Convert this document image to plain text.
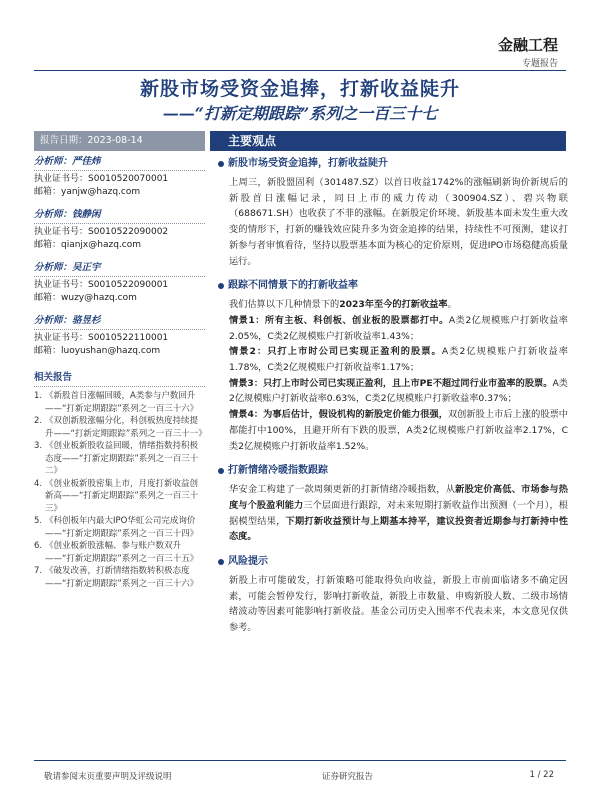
金融工程
专题报告
新股市场受资金追捧，打新收益陡升
——“打新定期跟踪”系列之一百三十七
报告日期：2023-08-14	主要观点
分析师：严佳炜
执业证书号：S0010520070001
邮箱：yanjw@hazq.com
分析师：钱静闲
执业证书号：S0010522090002
邮箱：qianjx@hazq.com
分析师：吴正宇
执业证书号：S0010522090001
邮箱：wuzy@hazq.com
分析师：骆昱杉
执业证书号：S0010522110001
邮箱：luoyushan@hazq.com
相关报告
1. 《新股首日涨幅回暖，A类参与户数回升——“打新定期跟踪”系列之一百三十六》
2. 《双创新股涨幅分化，科创板热度持续提升——“打新定期跟踪”系列之一百三十一》
3. 《创业板新股收益回暖，情绪指数持积极态度——“打新定期跟踪”系列之一百三十二》
4. 《创业板新股密集上市，月度打新收益创新高——“打新定期跟踪”系列之一百三十三》
5. 《科创板年内最大IPO华虹公司完成询价——“打新定期跟踪”系列之一百三十四》
6. 《创业板新股涨幅、参与账户数双升——“打新定期跟踪”系列之一百三十五》
7. 《破发改善，打新情绪指数转积极态度——“打新定期跟踪”系列之一百三十六》
新股市场受资金追捧，打新收益陡升
上周三，新股盟固利（301487.SZ）以首日收益1742%的涨幅刷新询价新规后的新股首日涨幅记录，同日上市的威力传动（300904.SZ）、碧兴物联（688671.SH）也收获了不菲的涨幅。在新股定价环境、新股基本面未发生重大改变的情形下，打新的赚钱效应陡升多为资金追捧的结果，持续性不可预测，建议打新参与者审慎看待，坚持以股票基本面为核心的定价原则，促进IPO市场稳健高质量运行。
跟踪不同情景下的打新收益率
我们估算以下几种情景下的2023年至今的打新收益率。
情景1：所有主板、科创板、创业板的股票都打中。A类2亿规模账户打新收益率2.05%，C类2亿规模账户打新收益率1.43%；
情景2：只打上市时公司已实现正盈利的股票。A类2亿规模账户打新收益率1.78%，C类2亿规模账户打新收益率1.17%；
情景3：只打上市时公司已实现正盈利，且上市PE不超过同行业市盈率的股票。A类2亿规模账户打新收益率0.63%，C类2亿规模账户打新收益率0.37%；
情景4：为事后估计，假设机构的新股定价能力很强，双创新股上市后上涨的股票中都能打中100%，且避开所有下跌的股票，A类2亿规模账户打新收益率2.17%，C类2亿规模账户打新收益率1.52%。
打新情绪冷暖指数跟踪
华安金工构建了一款周频更新的打新情绪冷暖指数，从新股定价高低、市场参与热度与个股盈利能力三个层面进行跟踪，对未来短期打新收益作出预测（一个月），根据模型结果，下期打新收益预计与上期基本持平，建议投资者近期参与打新持中性态度。
风险提示
新股上市可能破发，打新策略可能取得负向收益，新股上市前面临诸多不确定因素，可能会暂停发行，影响打新收益，新股上市数量、申购新股人数、二级市场情绪波动等因素可能影响打新收益。基金公司历史入围率不代表未来，本文意见仅供参考。
敬请参阅末页重要声明及评级说明	证券研究报告	1 / 22
